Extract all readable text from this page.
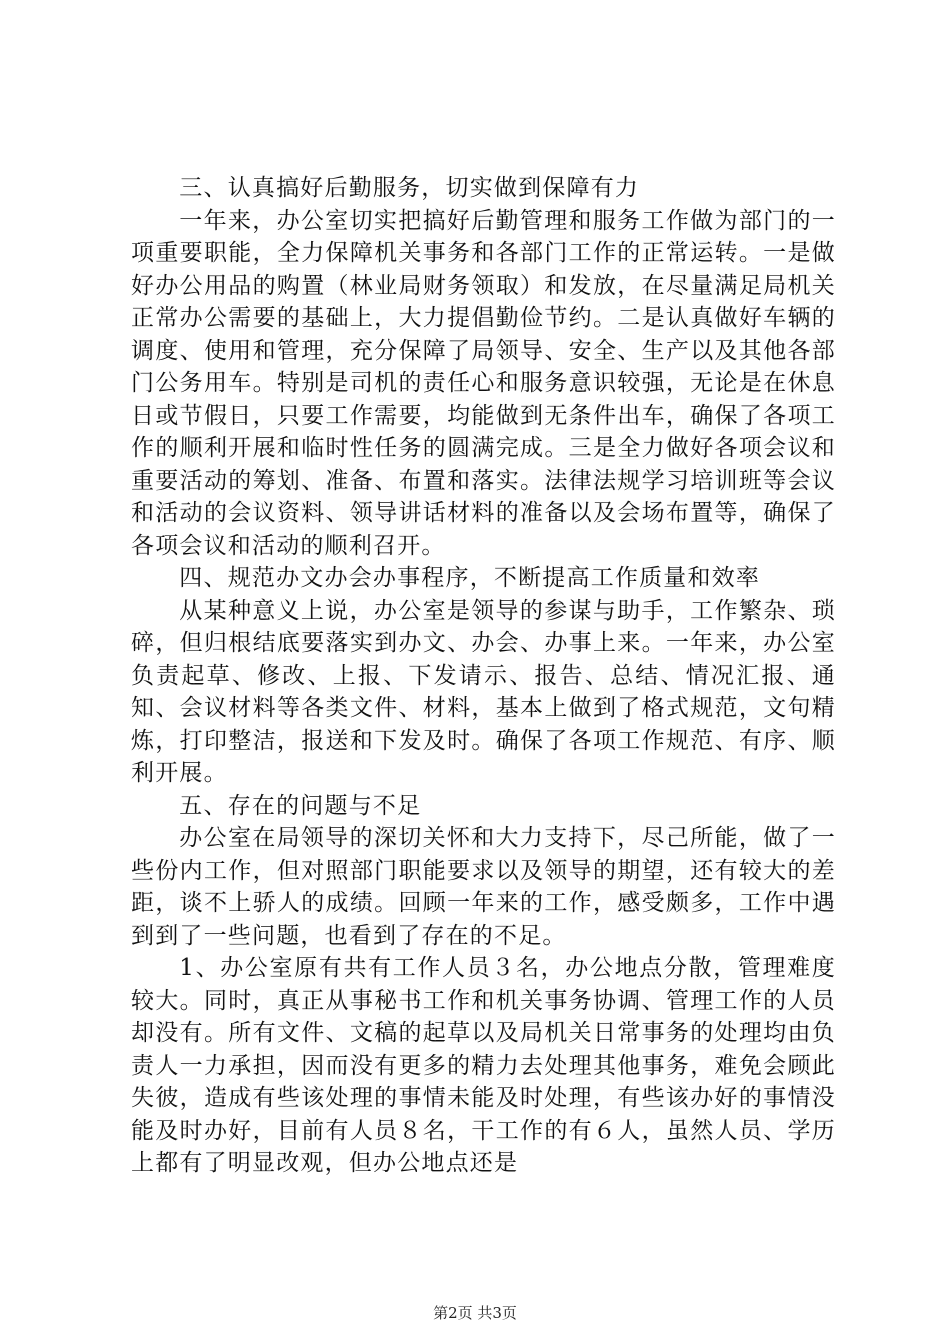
三、认真搞好后勤服务，切实做到保障有力

一年来，办公室切实把搞好后勤管理和服务工作做为部门的一项重要职能，全力保障机关事务和各部门工作的正常运转。一是做好办公用品的购置（林业局财务领取）和发放，在尽量满足局机关正常办公需要的基础上，大力提倡勤俭节约。二是认真做好车辆的调度、使用和管理，充分保障了局领导、安全、生产以及其他各部门公务用车。特别是司机的责任心和服务意识较强，无论是在休息日或节假日，只要工作需要，均能做到无条件出车，确保了各项工作的顺利开展和临时性任务的圆满完成。三是全力做好各项会议和重要活动的筹划、准备、布置和落实。法律法规学习培训班等会议和活动的会议资料、领导讲话材料的准备以及会场布置等，确保了各项会议和活动的顺利召开。

四、规范办文办会办事程序，不断提高工作质量和效率

从某种意义上说，办公室是领导的参谋与助手，工作繁杂、琐碎，但归根结底要落实到办文、办会、办事上来。一年来，办公室负责起草、修改、上报、下发请示、报告、总结、情况汇报、通知、会议材料等各类文件、材料，基本上做到了格式规范，文句精炼，打印整洁，报送和下发及时。确保了各项工作规范、有序、顺利开展。

五、存在的问题与不足

办公室在局领导的深切关怀和大力支持下，尽己所能，做了一些份内工作，但对照部门职能要求以及领导的期望，还有较大的差距，谈不上骄人的成绩。回顾一年来的工作，感受颇多，工作中遇到到了一些问题，也看到了存在的不足。

1、办公室原有共有工作人员３名，办公地点分散，管理难度较大。同时，真正从事秘书工作和机关事务协调、管理工作的人员却没有。所有文件、文稿的起草以及局机关日常事务的处理均由负责人一力承担，因而没有更多的精力去处理其他事务，难免会顾此失彼，造成有些该处理的事情未能及时处理，有些该办好的事情没能及时办好，目前有人员８名，干工作的有６人，虽然人员、学历上都有了明显改观，但办公地点还是

第2页 共3页
